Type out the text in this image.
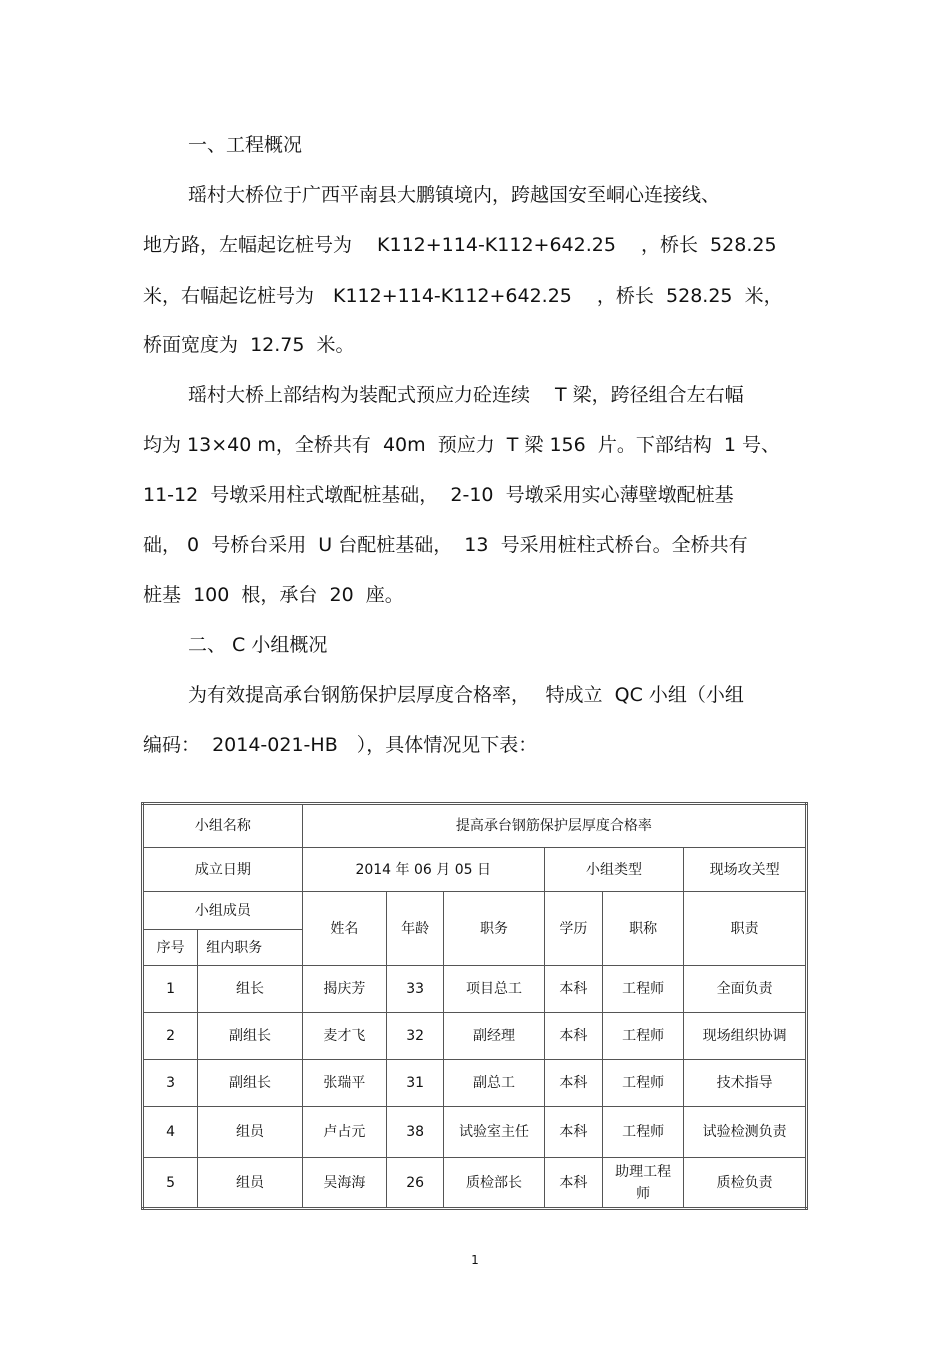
一、工程概况
瑶村大桥位于广西平南县大鹏镇境内，跨越国安至峒心连接线、
地方路，左幅起讫桩号为　 K112+114-K112+642.25　 ，桥长  528.25
米，右幅起讫桩号为　K112+114-K112+642.25　 ，桥长  528.25  米，
桥面宽度为  12.75  米。
瑶村大桥上部结构为装配式预应力砼连续　 T 梁，跨径组合左右幅
均为 13×40 m，全桥共有  40m  预应力  T 梁 156  片。下部结构  1 号、
11-12  号墩采用柱式墩配桩基础，  2-10  号墩采用实心薄壁墩配桩基
础， 0  号桥台采用  U 台配桩基础，  13  号采用桩柱式桥台。全桥共有
桩基  100  根，承台  20  座。
二、 C 小组概况
为有效提高承台钢筋保护层厚度合格率，　 特成立  QC 小组（小组
编码：  2014-021-HB　），具体情况见下表：
小组名称		提高承台钢筋保护层厚度合格率					
成立日期		2014 年 06 月 05 日			小组类型		现场攻关型
小组成员		姓名	年龄	职务	学历	职称	职责
序号	组内职务						
1	组长	揭庆芳	33	项目总工	本科	工程师	全面负责
2	副组长	麦才飞	32	副经理	本科	工程师	现场组织协调
3	副组长	张瑞平	31	副总工	本科	工程师	技术指导
4	组员	卢占元	38	试验室主任	本科	工程师	试验检测负责
5	组员	吴海海	26	质检部长	本科	助理工程师	质检负责
1
